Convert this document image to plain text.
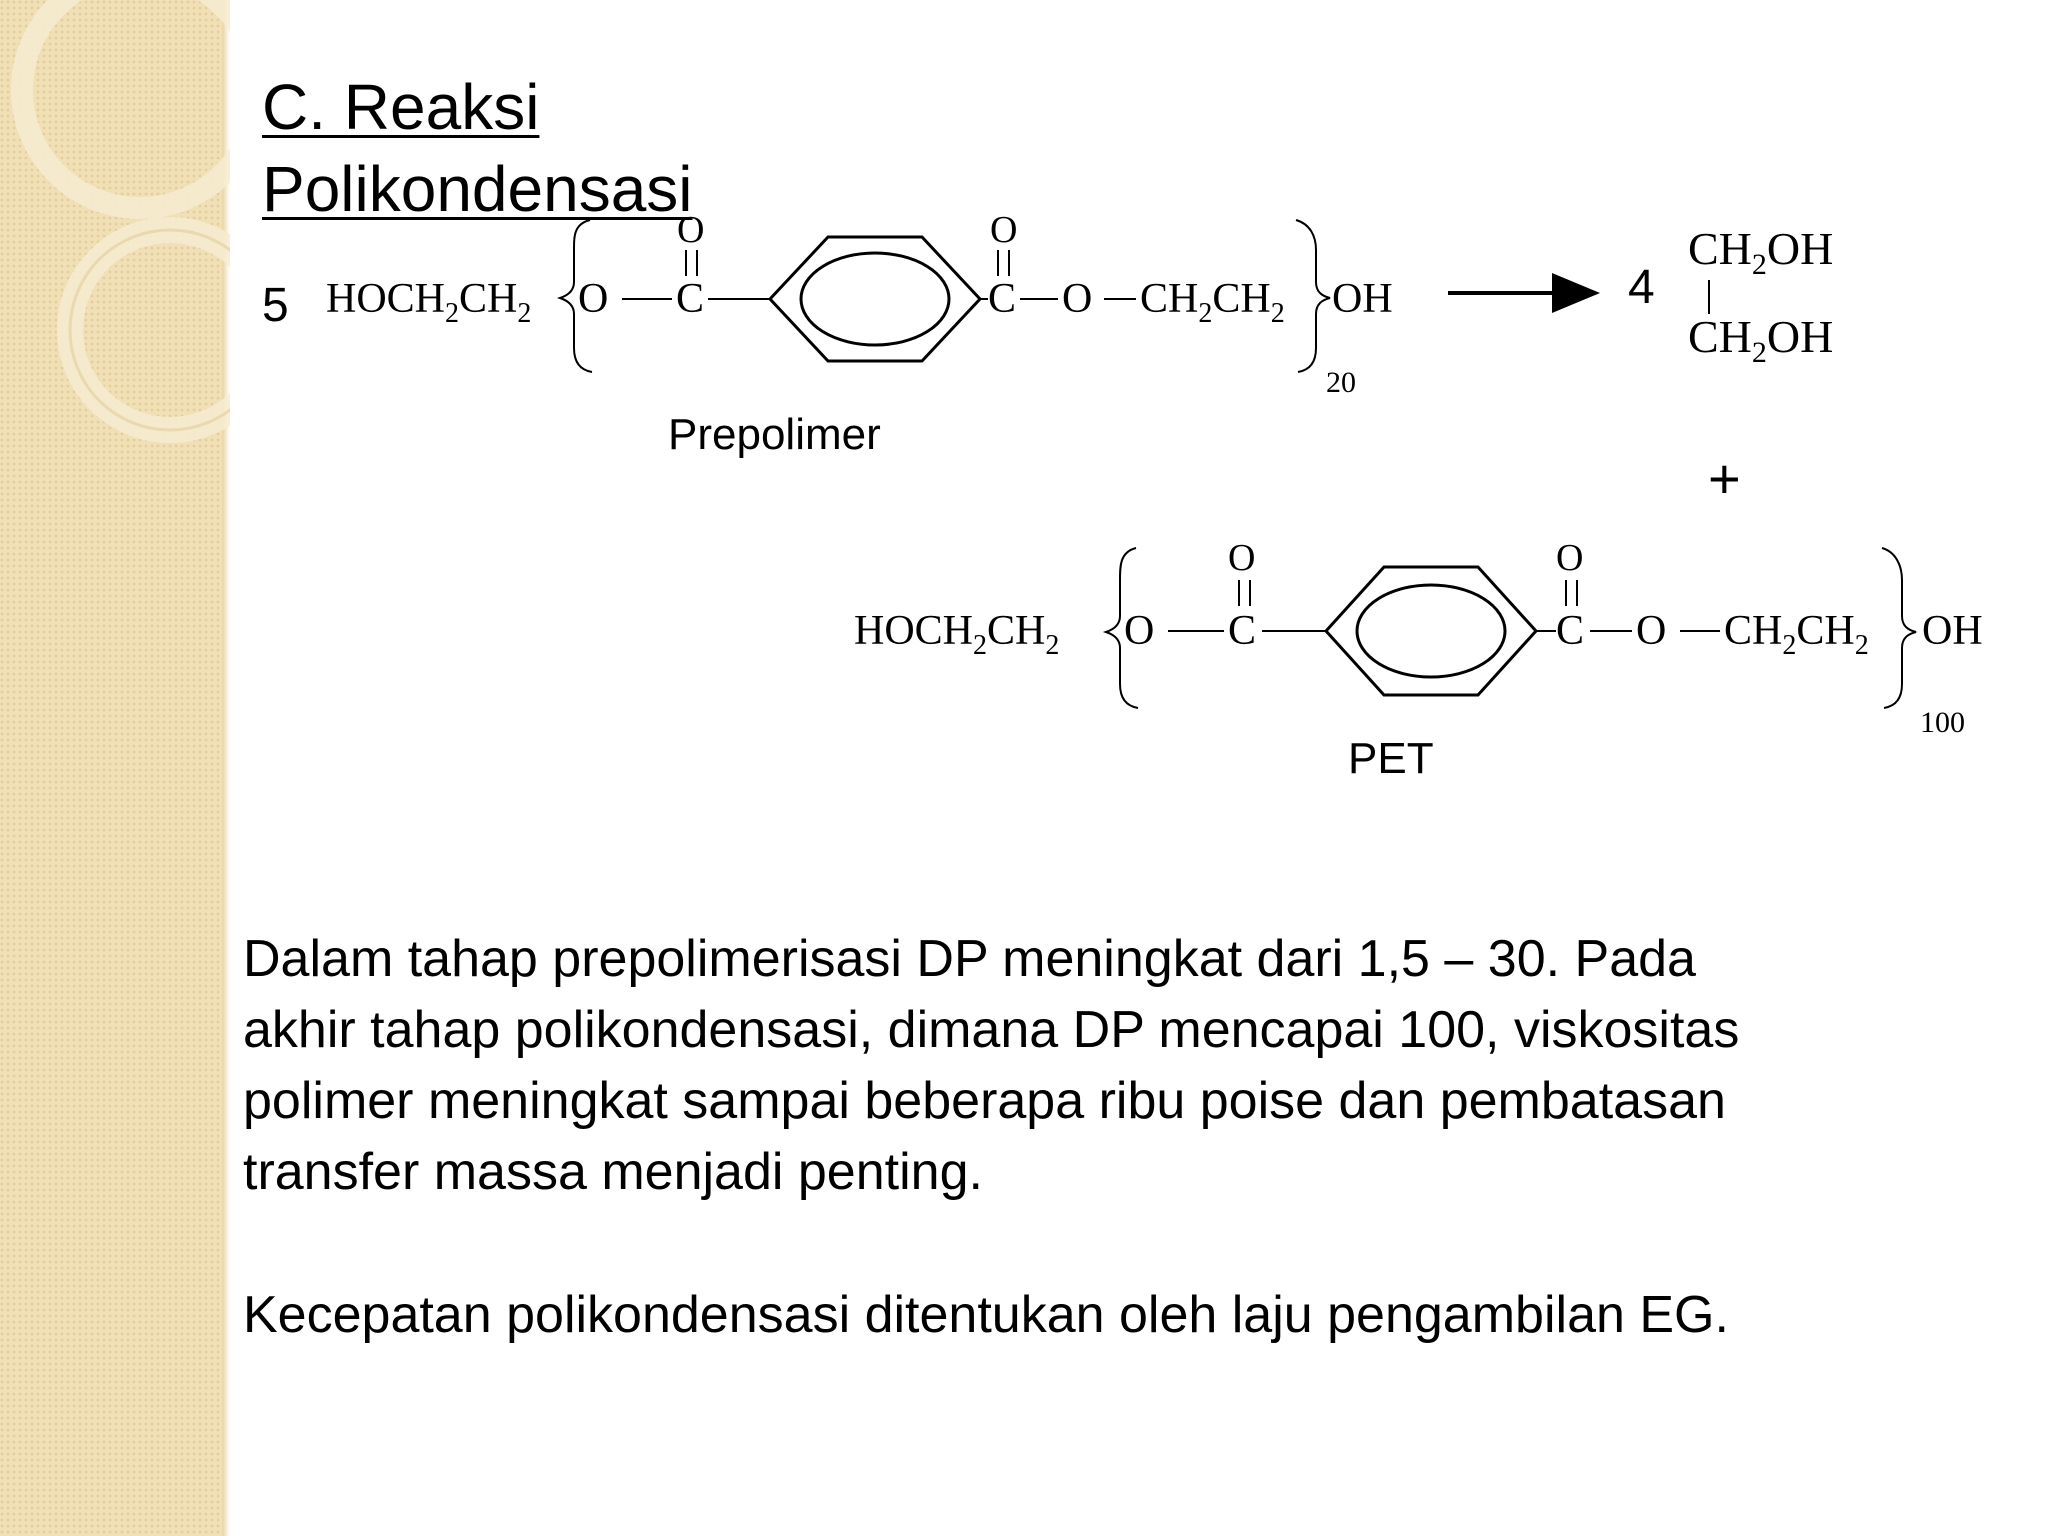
C. Reaksi
Polikondensasi
5	4
$HOCH_2CH_2$ O C
O
C
O
O $CH_2CH_2$ OH
20
$CH_2OH$
$CH_2OH$
$HOCH_2CH_2$ O C
O
C
O
O $CH_2CH_2$ OH
100
Prepolimer
+
PET
Dalam tahap prepolimerisasi DP meningkat dari 1,5 – 30. Pada
akhir tahap polikondensasi, dimana DP mencapai 100, viskositas
polimer meningkat sampai beberapa ribu poise dan pembatasan
transfer massa menjadi penting.
Kecepatan polikondensasi ditentukan oleh laju pengambilan EG.
